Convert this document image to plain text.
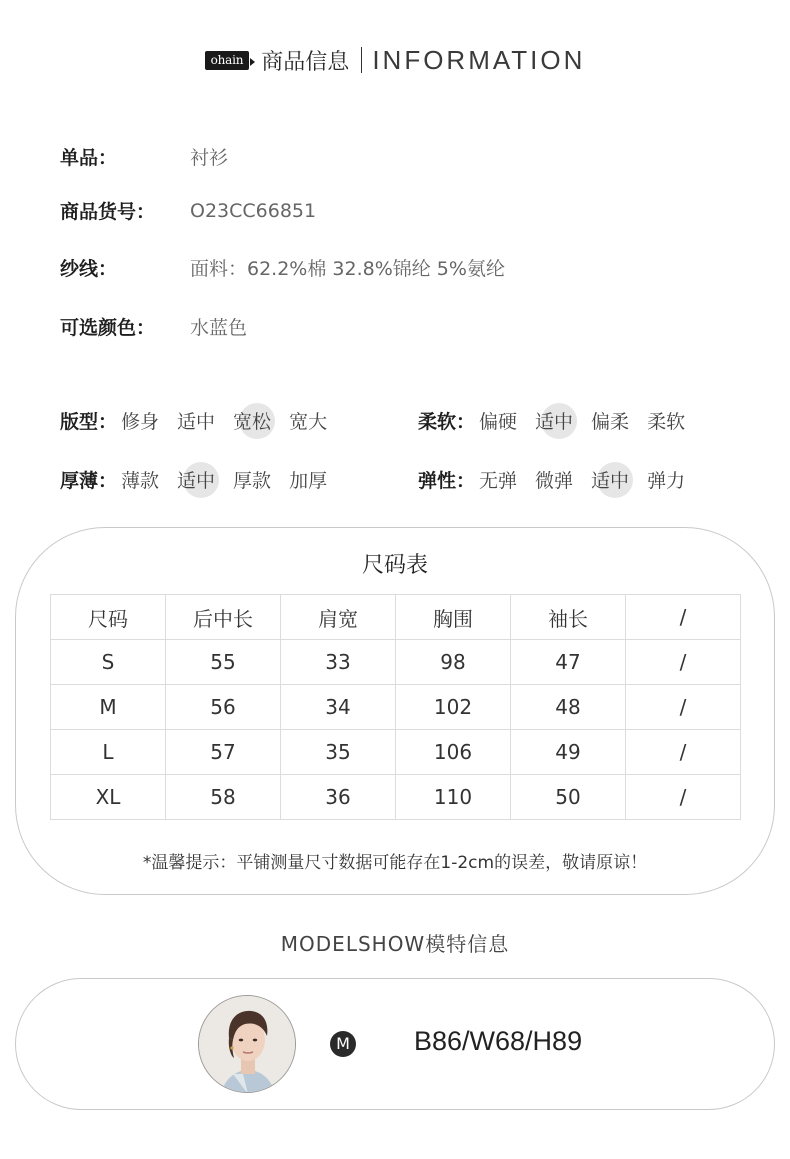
ohain 商品信息 INFORMATION
单品：	衬衫
商品货号：	O23CC66851
纱线：	面料：62.2%棉 32.8%锦纶 5%氨纶
可选颜色：	水蓝色
版型： 修身 适中 宽松 宽大	柔软： 偏硬 适中 偏柔 柔软
厚薄： 薄款 适中 厚款 加厚	弹性： 无弹 微弹 适中 弹力
尺码表
尺码	后中长	肩宽	胸围	袖长	/
S	55	33	98	47	/
M	56	34	102	48	/
L	57	35	106	49	/
XL	58	36	110	50	/
*温馨提示：平铺测量尺寸数据可能存在1-2cm的误差，敬请原谅！
MODELSHOW模特信息
M B86/W68/H89
